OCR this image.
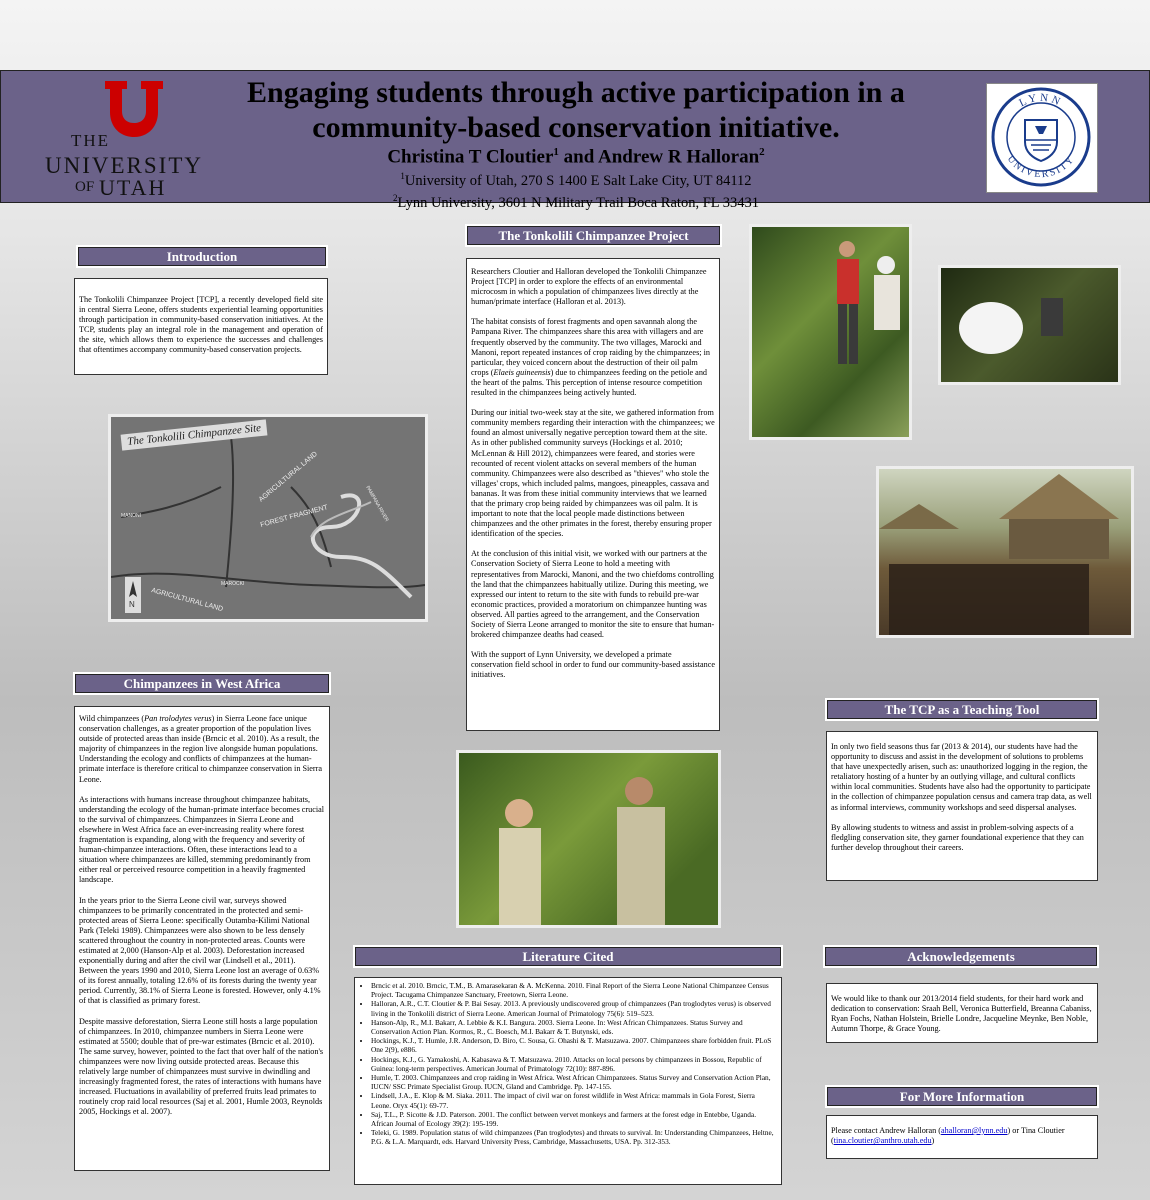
THE
UNIVERSITY
OF UTAH
Engaging students through active participation in a
community-based conservation initiative.
Christina T Cloutier$^1$ and Andrew R Halloran$^2$
$^1$University of Utah, 270 S 1400 E Salt Lake City, UT 84112
$^2$Lynn University, 3601 N Military Trail Boca Raton, FL 33431
LYNN
UNIVERSITY
Introduction
The Tonkolili Chimpanzee Project [TCP], a recently developed field site in central Sierra Leone, offers students experiential learning opportunities through participation in community-based conservation initiatives. At the TCP, students play an integral role in the management and operation of the site, which allows them to experience the successes and challenges that oftentimes accompany community-based conservation projects.
AGRICULTURAL LAND
FOREST FRAGMENT
AGRICULTURAL LAND
PAMPANA RIVER
MAROCKI
MANONI
N
The Tonkolili Chimpanzee Site
Chimpanzees in West Africa

Wild chimpanzees (Pan trolodytes verus) in Sierra Leone face unique conservation challenges, as a greater proportion of the population lives outside of protected areas than inside (Brncic et al. 2010). As a result, the majority of chimpanzees in the region live alongside human populations. Understanding the ecology and conflicts of chimpanzees at the human-primate interface is therefore critical to chimpanzee conservation in Sierra Leone.

As interactions with humans increase throughout chimpanzee habitats, understanding the ecology of the human-primate interface becomes crucial to the survival of chimpanzees. Chimpanzees in Sierra Leone and elsewhere in West Africa face an ever-increasing reality where forest fragmentation is expanding, along with the frequency and severity of human-chimpanzee interactions. Often, these interactions lead to a situation where chimpanzees are killed, stemming predominantly from either real or perceived resource competition in a heavily fragmented landscape.

In the years prior to the Sierra Leone civil war, surveys showed chimpanzees to be primarily concentrated in the protected and semi-protected areas of Sierra Leone: specifically Outamba-Kilimi National Park (Teleki 1989). Chimpanzees were also shown to be less densely scattered throughout the country in non-protected areas. Counts were estimated at 2,000 (Hanson-Alp et al. 2003). Deforestation increased exponentially during and after the civil war (Lindsell et al., 2011). Between the years 1990 and 2010, Sierra Leone lost an average of 0.63% of its forest annually, totaling 12.6% of its forests during the twenty year period. Currently, 38.1% of Sierra Leone is forested. However, only 4.1% of that is classified as primary forest.

Despite massive deforestation, Sierra Leone still hosts a large population of chimpanzees. In 2010, chimpanzee numbers in Sierra Leone were estimated at 5500; double that of pre-war estimates (Brncic et al. 2010). The same survey, however, pointed to the fact that over half of the nation's chimpanzees were now living outside protected areas. Because this relatively large number of chimpanzees must survive in dwindling and increasingly fragmented forest, the rates of interactions with humans have increased. Fluctuations in availability of preferred fruits lead primates to routinely crop raid local resources (Saj et al. 2001, Humle 2003, Reynolds 2005, Hockings et al. 2007).

The Tonkolili Chimpanzee Project

Researchers Cloutier and Halloran developed the Tonkolili Chimpanzee Project [TCP] in order to explore the effects of an environmental microcosm in which a population of chimpanzees lives directly at the human/primate interface (Halloran et al. 2013).

The habitat consists of forest fragments and open savannah along the Pampana River. The chimpanzees share this area with villagers and are frequently observed by the community. The two villages, Marocki and Manoni, report repeated instances of crop raiding by the chimpanzees; in particular, they voiced concern about the destruction of their oil palm crops (Elaeis guineensis) due to chimpanzees feeding on the petiole and the heart of the palms. This perception of intense resource competition resulted in the chimpanzees being actively hunted.

During our initial two-week stay at the site, we gathered information from community members regarding their interaction with the chimpanzees; we found an almost universally negative perception toward them at the site. As in other published community surveys (Hockings et al. 2010; McLennan & Hill 2012), chimpanzees were feared, and stories were recounted of recent violent attacks on several members of the human community. Chimpanzees were also described as "thieves" who stole the villages' crops, which included palms, mangoes, pineapples, cassava and bananas. It was from these initial community interviews that we learned that the primary crop being raided by chimpanzees was oil palm. It is important to note that the local people made distinctions between chimpanzees and the other primates in the forest, thereby ensuring proper identification of the species.

At the conclusion of this initial visit, we worked with our partners at the Conservation Society of Sierra Leone to hold a meeting with representatives from Marocki, Manoni, and the two chiefdoms controlling the land that the chimpanzees habitually utilize. During this meeting, we expressed our intent to return to the site with funds to rebuild pre-war economic practices, provided a moratorium on chimpanzee hunting was observed. All parties agreed to the arrangement, and the Conservation Society of Sierra Leone arranged to monitor the site to ensure that human-brokered chimpanzee deaths had ceased.

With the support of Lynn University, we developed a primate conservation field school in order to fund our community-based assistance initiatives.

The TCP as a Teaching Tool

In only two field seasons thus far (2013 & 2014), our students have had the opportunity to discuss and assist in the development of solutions to problems that have unexpectedly arisen, such as: unauthorized logging in the region, the retaliatory hosting of a hunter by an outlying village, and cultural conflicts within local communities. Students have also had the opportunity to participate in the collection of chimpanzee population census and camera trap data, as well as informal interviews, community workshops and seed dispersal analyses.

By allowing students to witness and assist in problem-solving aspects of a fledgling conservation site, they garner foundational experience that they can further develop throughout their careers.

Literature Cited
• Brncic et al. 2010. Brncic, T.M., B. Amarasekaran & A. McKenna. 2010. Final Report of the Sierra Leone National Chimpanzee Census Project. Tacugama Chimpanzee Sanctuary, Freetown, Sierra Leone.
• Halloran, A.R., C.T. Cloutier & P. Bai Sesay. 2013. A previously undiscovered group of chimpanzees (Pan troglodytes verus) is observed living in the Tonkolili district of Sierra Leone. American Journal of Primatology 75(6): 519–523.
• Hanson-Alp, R., M.I. Bakarr, A. Lebbie & K.I. Bangura. 2003. Sierra Leone. In: West African Chimpanzees. Status Survey and Conservation Action Plan. Kormos, R., C. Boesch, M.I. Bakarr & T. Butynski, eds.
• Hockings, K.J., T. Humle, J.R. Anderson, D. Biro, C. Sousa, G. Ohashi & T. Matsuzawa. 2007. Chimpanzees share forbidden fruit. PLoS One 2(9), e886.
• Hockings, K.J., G. Yamakoshi, A. Kabasawa & T. Matsuzawa. 2010. Attacks on local persons by chimpanzees in Bossou, Republic of Guinea: long-term perspectives. American Journal of Primatology 72(10): 887-896.
• Humle, T. 2003. Chimpanzees and crop raiding in West Africa. West African Chimpanzees. Status Survey and Conservation Action Plan, IUCN/ SSC Primate Specialist Group. IUCN, Gland and Cambridge. Pp. 147-155.
• Lindsell, J.A., E. Klop & M. Siaka. 2011. The impact of civil war on forest wildlife in West Africa: mammals in Gola Forest, Sierra Leone. Oryx 45(1): 69-77.
• Saj, T.L., P. Sicotte & J.D. Paterson. 2001. The conflict between vervet monkeys and farmers at the forest edge in Entebbe, Uganda. African Journal of Ecology 39(2): 195-199.
• Teleki, G. 1989. Population status of wild chimpanzees (Pan troglodytes) and threats to survival. In: Understanding Chimpanzees, Heltne, P.G. & L.A. Marquardt, eds. Harvard University Press, Cambridge, Massachusetts, USA. Pp. 312-353.
Acknowledgements
We would like to thank our 2013/2014 field students, for their hard work and dedication to conservation: Sraah Bell, Veronica Butterfield, Breanna Cabaniss, Ryan Fochs, Nathan Holstein, Brielle Londre, Jacqueline Meynke, Ben Noble, Autumn Thorpe, & Grace Young.
For More Information
Please contact Andrew Halloran (ahalloran@lynn.edu) or Tina Cloutier (tina.cloutier@anthro.utah.edu)
